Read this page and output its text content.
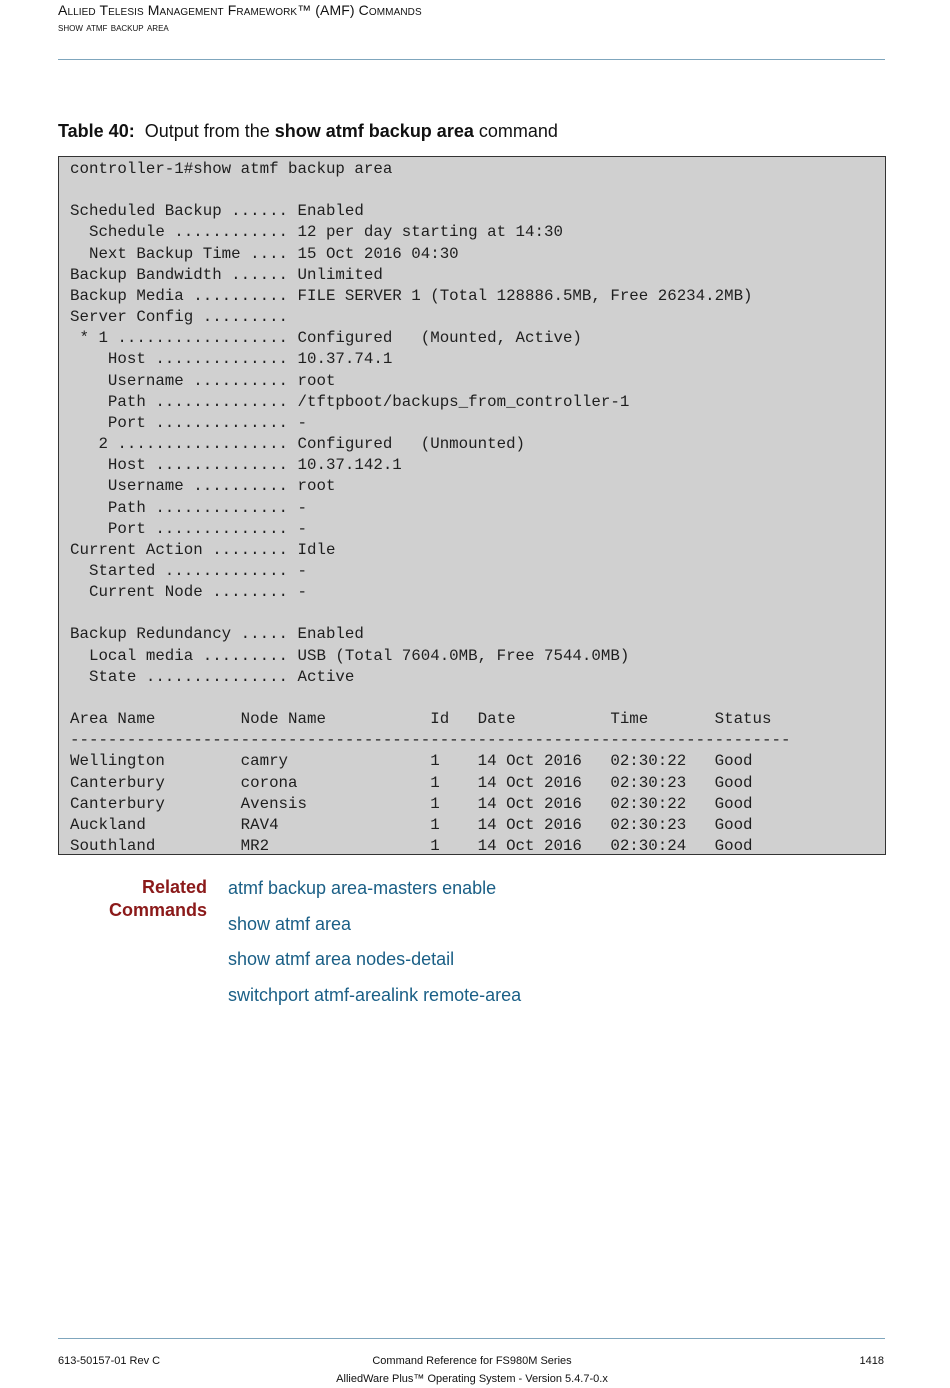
Allied Telesis Management Framework™ (AMF) Commands
show atmf backup area
Table 40: Output from the show atmf backup area command
controller-1#show atmf backup area

Scheduled Backup ...... Enabled
Schedule ............ 12 per day starting at 14:30
Next Backup Time .... 15 Oct 2016 04:30
Backup Bandwidth ...... Unlimited
Backup Media .......... FILE SERVER 1 (Total 128886.5MB, Free 26234.2MB)
Server Config .........
* 1 .................. Configured   (Mounted, Active)
Host .............. 10.37.74.1
Username .......... root
Path .............. /tftpboot/backups_from_controller-1
Port .............. -
2 .................. Configured   (Unmounted)
Host .............. 10.37.142.1
Username .......... root
Path .............. -
Port .............. -
Current Action ........ Idle
Started ............. -
Current Node ........ -

Backup Redundancy ..... Enabled
Local media ......... USB (Total 7604.0MB, Free 7544.0MB)
State ............... Active

Area Name         Node Name           Id   Date          Time       Status
----------------------------------------------------------------------------
Wellington        camry               1    14 Oct 2016   02:30:22   Good
Canterbury        corona              1    14 Oct 2016   02:30:23   Good
Canterbury        Avensis             1    14 Oct 2016   02:30:22   Good
Auckland          RAV4                1    14 Oct 2016   02:30:23   Good
Southland         MR2                 1    14 Oct 2016   02:30:24   Good
Related
Commands
atmf backup area-masters enable
show atmf area
show atmf area nodes-detail
switchport atmf-arealink remote-area
613-50157-01 Rev C	Command Reference for FS980M Series
AlliedWare Plus™ Operating System - Version 5.4.7-0.x
1418
